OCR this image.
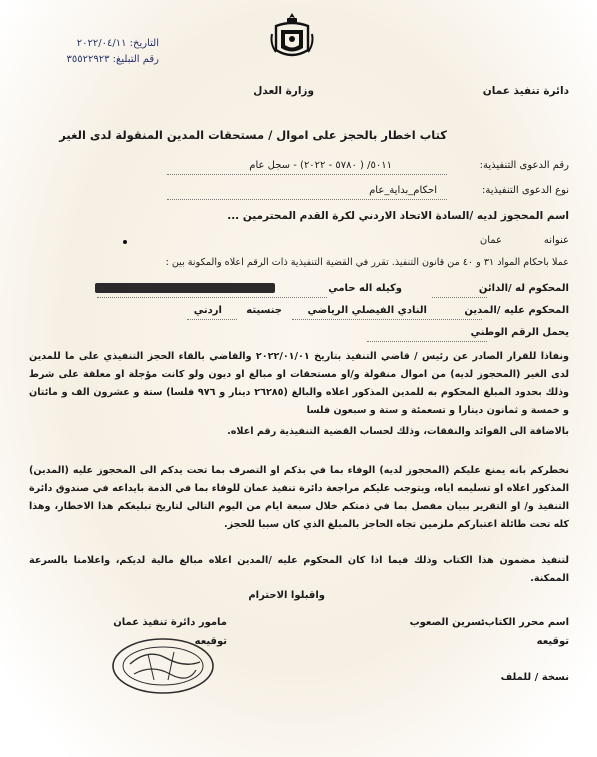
التاريخ: ٢٠٢٢/٠٤/١١
رقم التبليغ: ٣٥٥٢٢٩٢٣
وزارة العدل	دائرة تنفيذ عمان
كتاب اخطار بالحجز على اموال / مستحقات المدين المنقولة لدى الغير
رقم الدعوى التنفيذية:
٥٠١١/ ( ٥٧٨٠ - ٢٠٢٢) - سجل عام
نوع الدعوى التنفيذية:
احكام_بداية_عام
اسم المحجوز لديه /السادة الاتحاد الاردني لكرة القدم المحترمين ...
عنوانه
عمان
عملا باحكام المواد ٣١ و ٤٠ من قانون التنفيذ. تقرر في القضية التنفيذية ذات الرقم اعلاه والمكونة بين :
المحكوم له /الدائن
وكيله اله حامي
المحكوم عليه /المدين
النادي الفيصلي الرياضي
جنسيته
اردني
يحمل الرقم الوطني
ونفاذا للقرار الصادر عن رئيس / قاضي التنفيذ بتاريخ ٢٠٢٢/٠١/٠١ والقاضي بالقاء الحجز التنفيذي على ما للمدين لدى الغير (المحجوز لديه) من اموال منقولة و/او مستحقات او مبالغ او ديون ولو كانت مؤجلة او معلقة على شرط وذلك بحدود المبلغ المحكوم به للمدين المذكور اعلاه والبالغ (٢٦٢٨٥ دينار و ٩٧٦ فلسا) ستة و عشرون الف و مائتان و خمسة و ثمانون دينارا و تسعمئة و ستة و سبعون فلسا
بالاضافة الى الفوائد والنفقات، وذلك لحساب القضية التنفيذية رقم اعلاه.
نخطركم بانه يمنع عليكم (المحجوز لديه) الوفاء بما في بذكم او التصرف بما تحت يدكم الى المحجوز عليه (المدين) المذكور اعلاه او تسليمه اياه، ويتوجب عليكم مراجعة دائرة تنفيذ عمان للوفاء بما في الذمة بايداعه في صندوق دائرة التنفيذ و/ او التقرير ببيان مفصل بما في ذمتكم خلال سبعة ايام من اليوم التالي لتاريخ تبليغكم هذا الاخطار، وهذا كله تحت طائلة اعتباركم ملزمين تجاه الحاجز بالمبلغ الذي كان سببا للحجز.
لتنفيذ مضمون هذا الكتاب وذلك فيما اذا كان المحكوم عليه /المدين اعلاه مبالغ مالية لديكم، واعلامنا بالسرعة الممكنة.
واقبلوا الاحترام
اسم محرر الكتاب:
نسرين الصعوب
مامور دائرة تنفيذ عمان
توقيعه
توقيعه
نسخة / للملف
